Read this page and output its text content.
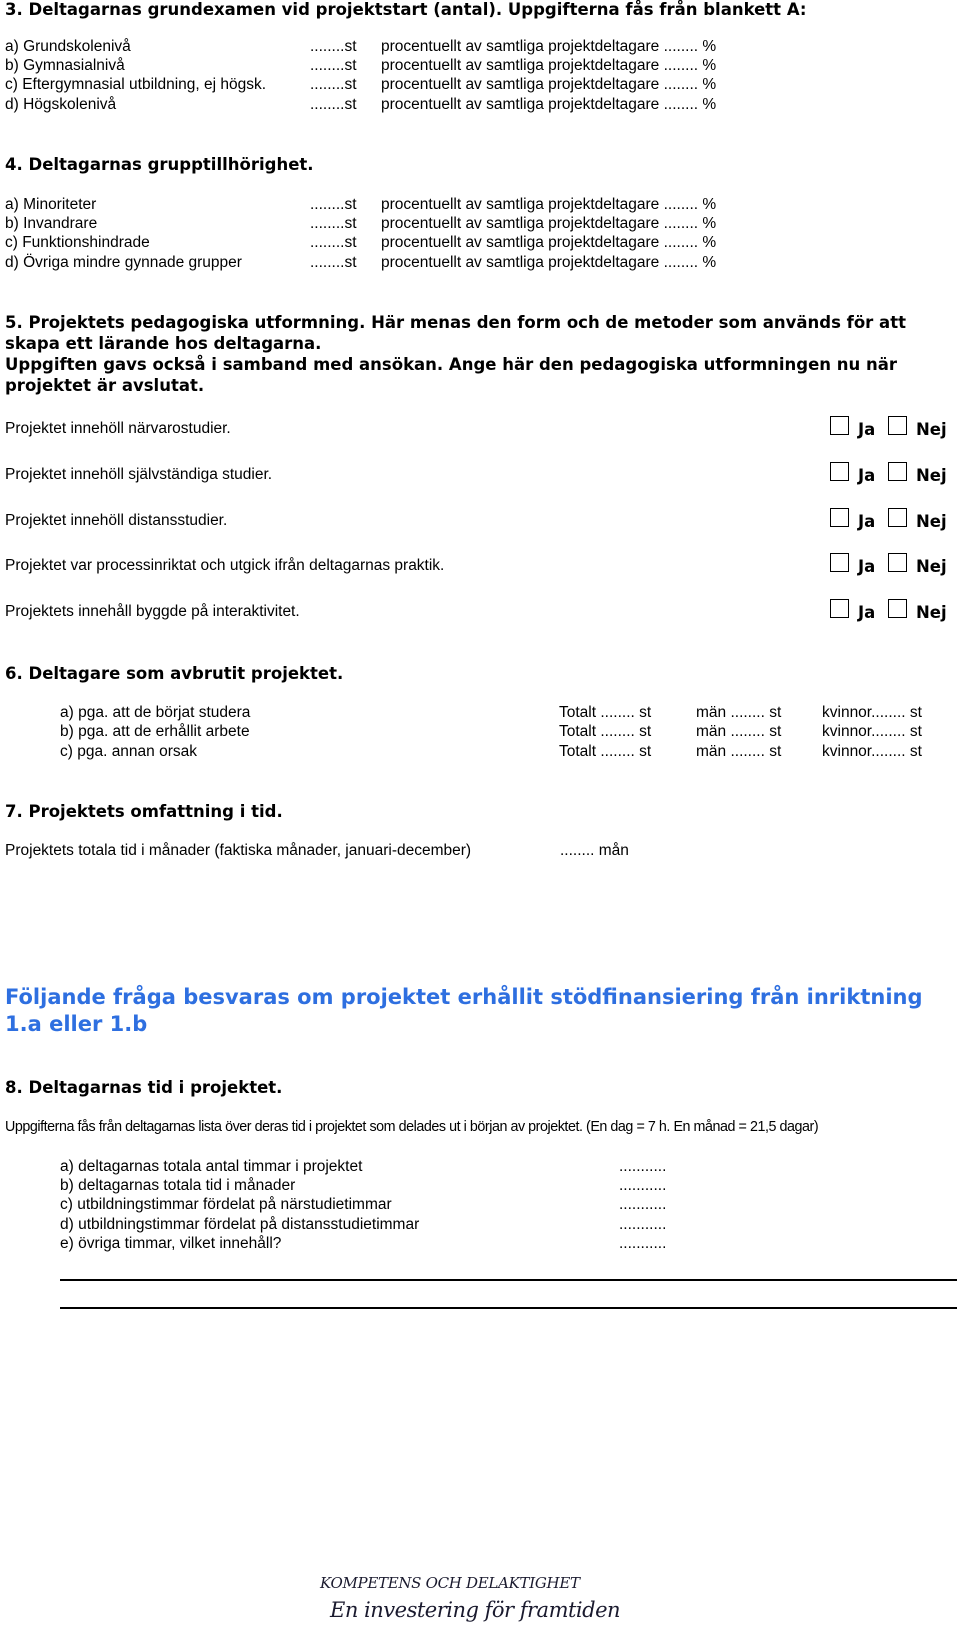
3. Deltagarnas grundexamen vid projektstart (antal). Uppgifterna fås från blankett A:
a) Grundskolenivå	........st procentuellt av samtliga projektdeltagare ........ %
b) Gymnasialnivå	........st procentuellt av samtliga projektdeltagare ........ %
c) Eftergymnasial utbildning, ej högsk.	........st procentuellt av samtliga projektdeltagare ........ %
d) Högskolenivå	........st procentuellt av samtliga projektdeltagare ........ %
4. Deltagarnas grupptillhörighet.
a) Minoriteter	........st procentuellt av samtliga projektdeltagare ........ %
b) Invandrare	........st procentuellt av samtliga projektdeltagare ........ %
c) Funktionshindrade	........st procentuellt av samtliga projektdeltagare ........ %
d) Övriga mindre gynnade grupper	........st procentuellt av samtliga projektdeltagare ........ %
5. Projektets pedagogiska utformning. Här menas den form och de metoder som används för att
skapa ett lärande hos deltagarna.
Uppgiften gavs också i samband med ansökan. Ange här den pedagogiska utformningen nu när
projektet är avslutat.
Projektet innehöll närvarostudier.	Ja Nej
Projektet innehöll självständiga studier.	Ja Nej
Projektet innehöll distansstudier.	Ja Nej
Projektet var processinriktat och utgick ifrån deltagarnas praktik.	Ja Nej
Projektets innehåll byggde på interaktivitet.	Ja Nej
6. Deltagare som avbrutit projektet.
a) pga. att de börjat studera	Totalt ........ st	män ........ st	kvinnor........ st
b) pga. att de erhållit arbete	Totalt ........ st	män ........ st	kvinnor........ st
c) pga. annan orsak	Totalt ........ st	män ........ st	kvinnor........ st
7. Projektets omfattning i tid.
Projektets totala tid i månader (faktiska månader, januari-december)	........ mån
Följande fråga besvaras om projektet erhållit stödfinansiering från inriktning
1.a eller 1.b
8. Deltagarnas tid i projektet.
Uppgifterna fås från deltagarnas lista över deras tid i projektet som delades ut i början av projektet. (En dag = 7 h. En månad = 21,5 dagar)
a) deltagarnas totala antal timmar i projektet	...........
b) deltagarnas totala tid i månader	...........
c) utbildningstimmar fördelat på närstudietimmar	...........
d) utbildningstimmar fördelat på distansstudietimmar	...........
e) övriga timmar, vilket innehåll?	...........
KOMPETENS OCH DELAKTIGHET
En investering för framtiden
